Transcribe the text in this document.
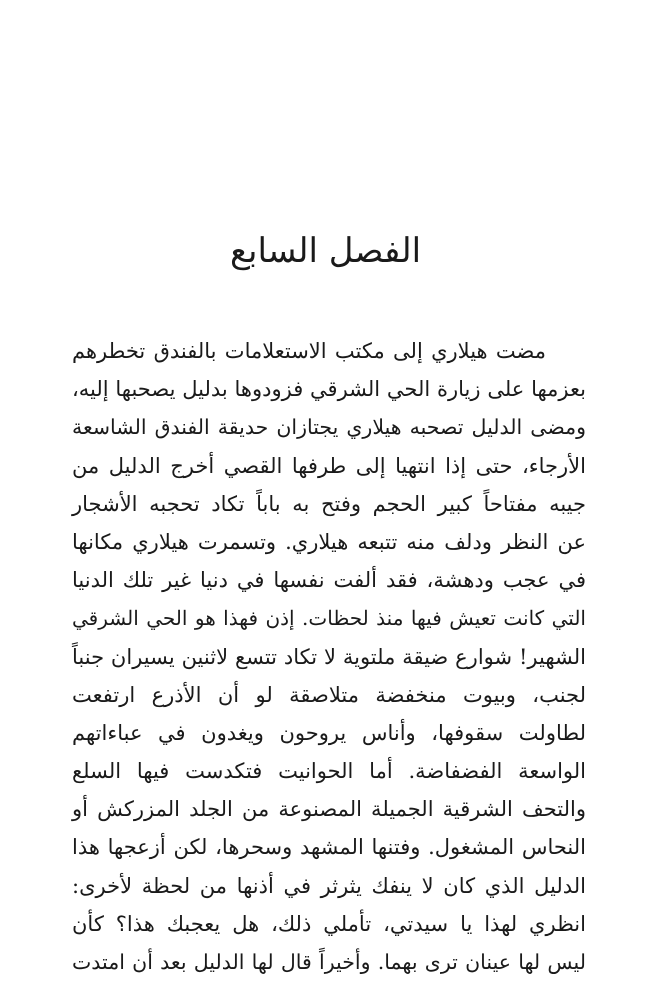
الفصل السابع
مضت هيلاري إلى مكتب الاستعلامات بالفندق تخطرهم
بعزمها على زيارة الحي الشرقي فزودوها بدليل يصحبها إليه،
ومضى الدليل تصحبه هيلاري يجتازان حديقة الفندق الشاسعة
الأرجاء، حتى إذا انتهيا إلى طرفها القصي أخرج الدليل من
جيبه مفتاحاً كبير الحجم وفتح به باباً تكاد تحجبه الأشجار
عن النظر ودلف منه تتبعه هيلاري. وتسمرت هيلاري مكانها
في عجب ودهشة، فقد ألفت نفسها في دنيا غير تلك الدنيا
التي كانت تعيش فيها منذ لحظات. إذن فهذا هو الحي الشرقي
الشهير! شوارع ضيقة ملتوية لا تكاد تتسع لاثنين يسيران جنباً
لجنب، وبيوت منخفضة متلاصقة لو أن الأذرع ارتفعت
لطاولت سقوفها، وأناس يروحون ويغدون في عباءاتهم
الواسعة الفضفاضة. أما الحوانيت فتكدست فيها السلع
والتحف الشرقية الجميلة المصنوعة من الجلد المزركش أو
النحاس المشغول. وفتنها المشهد وسحرها، لكن أزعجها هذا
الدليل الذي كان لا ينفك يثرثر في أذنها من لحظة لأخرى:
انظري لهذا يا سيدتي، تأملي ذلك، هل يعجبك هذا؟ كأن
ليس لها عينان ترى بهما. وأخيراً قال لها الدليل بعد أن امتدت
